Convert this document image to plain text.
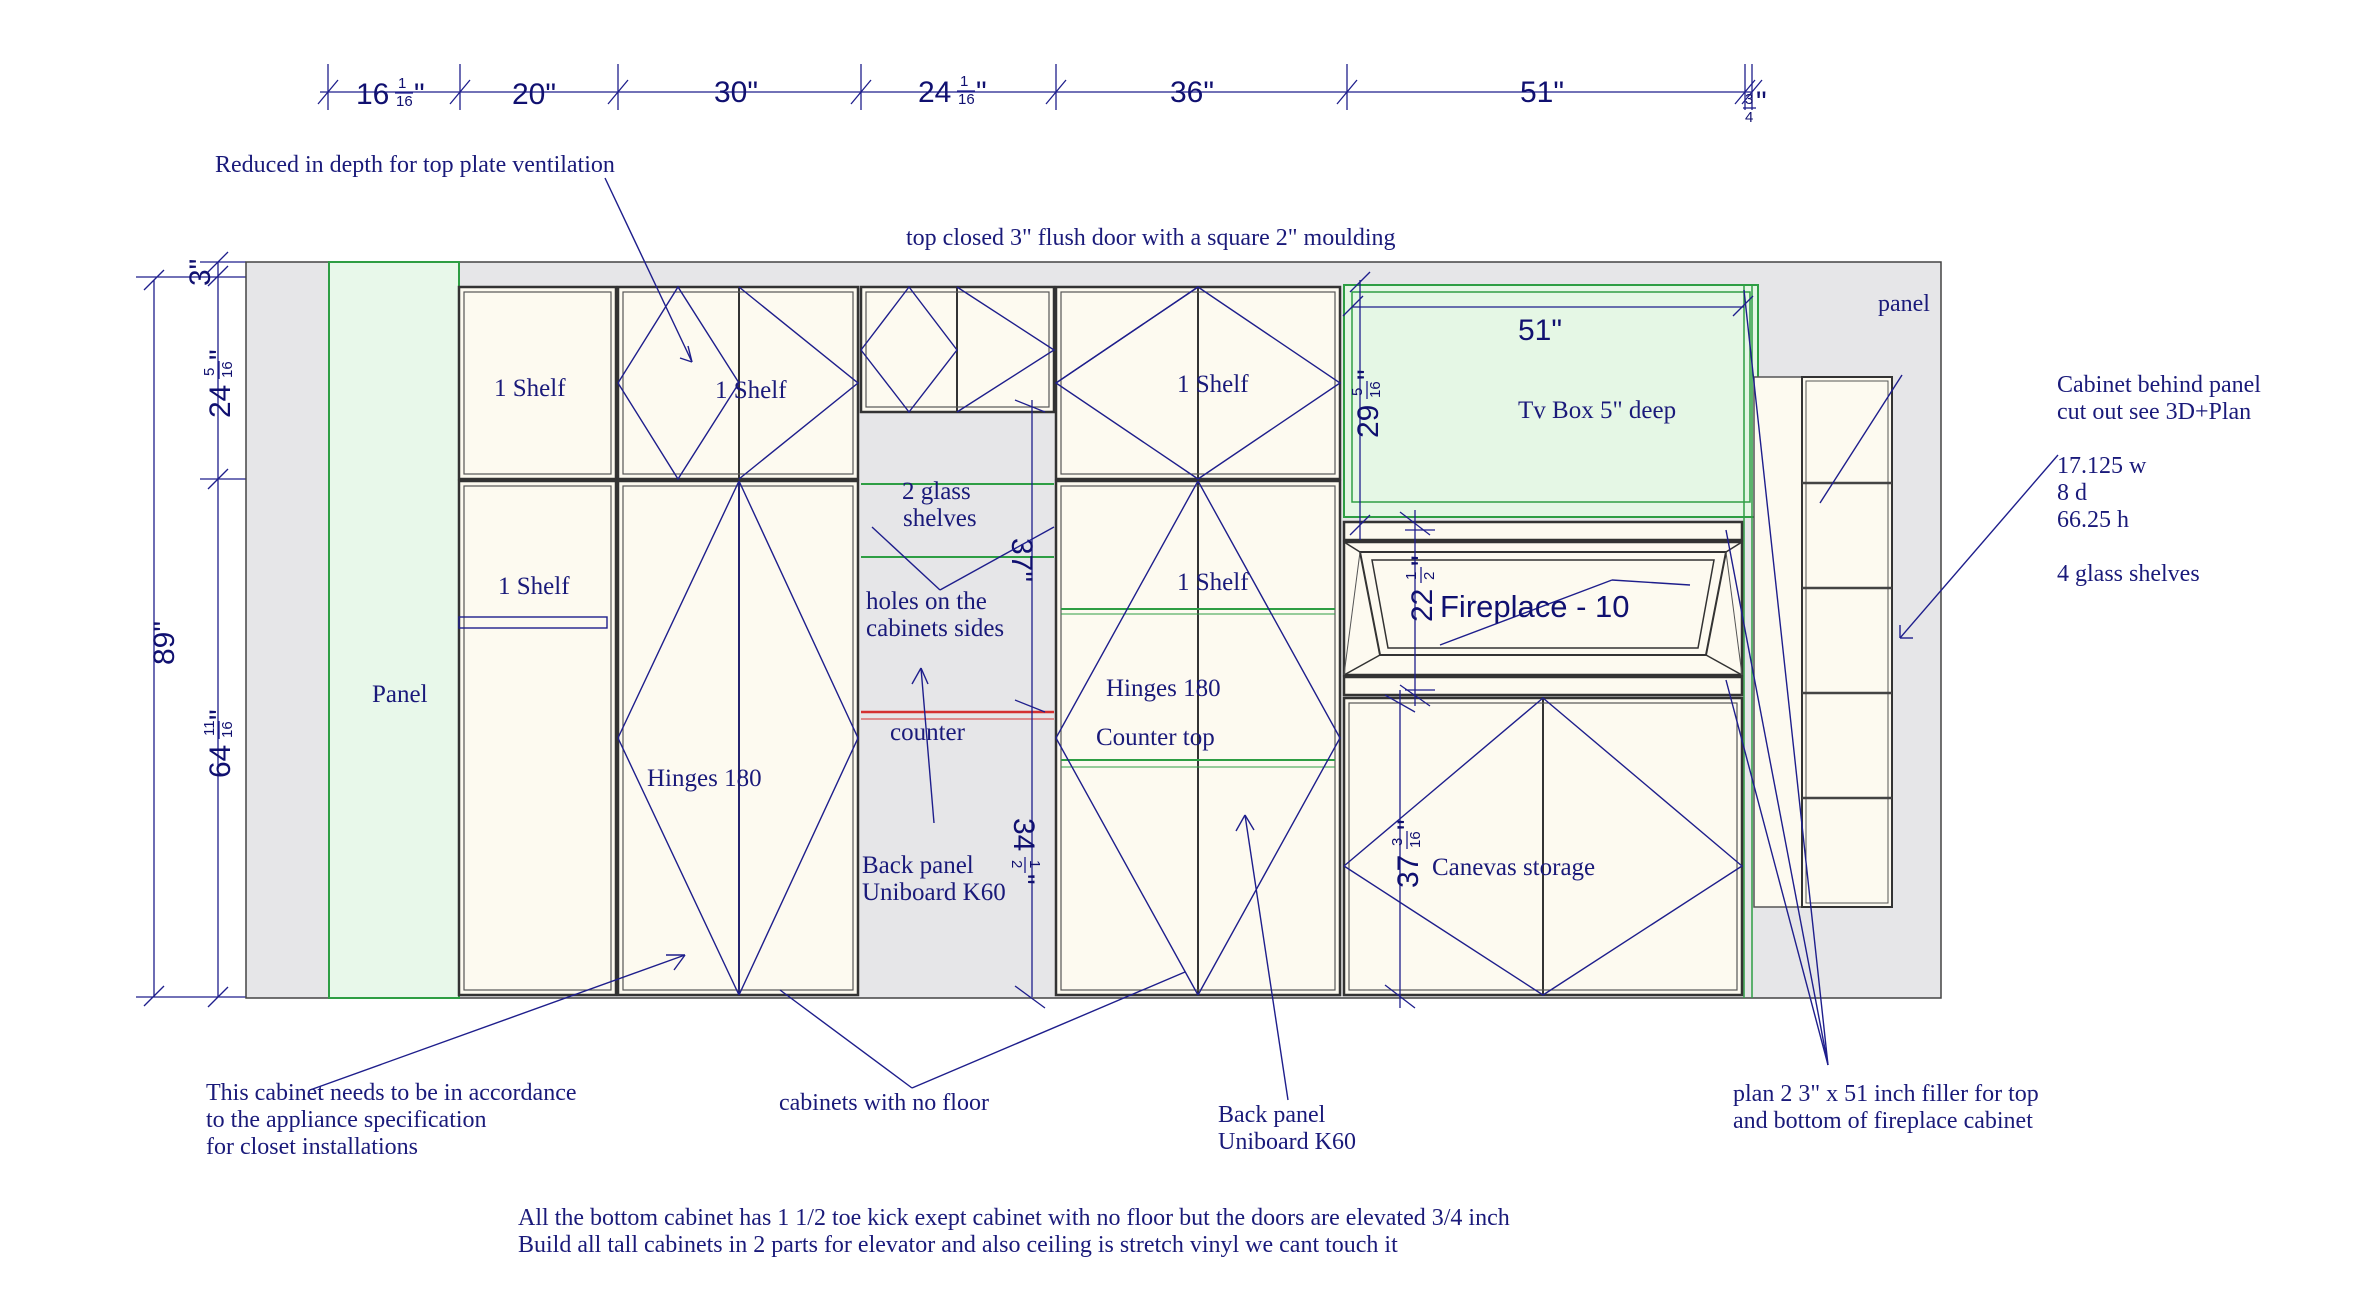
16 1
16 "	20"	30"	24 1
16 "	36"	51"	3
4 "
89"
3"
24
5 16
"
64
11 16
"
51"
29
5 16
"
37"
34
1
2
"
22
1 2
"
37
3 16
"
Reduced in depth for top plate ventilation
top closed 3" flush door with a square 2" moulding
1 Shelf	1 Shelf	1 Shelf
1 Shelf	1 Shelf
Panel
2 glass
shelves
holes on the
cabinets sides
counter
Hinges 180
Hinges 180
Counter top
Back panel
Uniboard K60
Tv Box 5" deep
Fireplace - 10
Canevas storage
panel
Cabinet behind panel
cut out see 3D+Plan
17.125 w
8 d
66.25 h
4 glass shelves
This cabinet needs to be in accordance
to the appliance specification
for closet installations
cabinets with no floor	Back panel
Uniboard K60
plan 2 3" x 51 inch filler for top
and bottom of fireplace cabinet
All the bottom cabinet has 1 1/2 toe kick exept cabinet with no floor but the doors are elevated 3/4 inch
Build all tall cabinets in 2 parts for elevator and also ceiling is stretch vinyl we cant touch it
